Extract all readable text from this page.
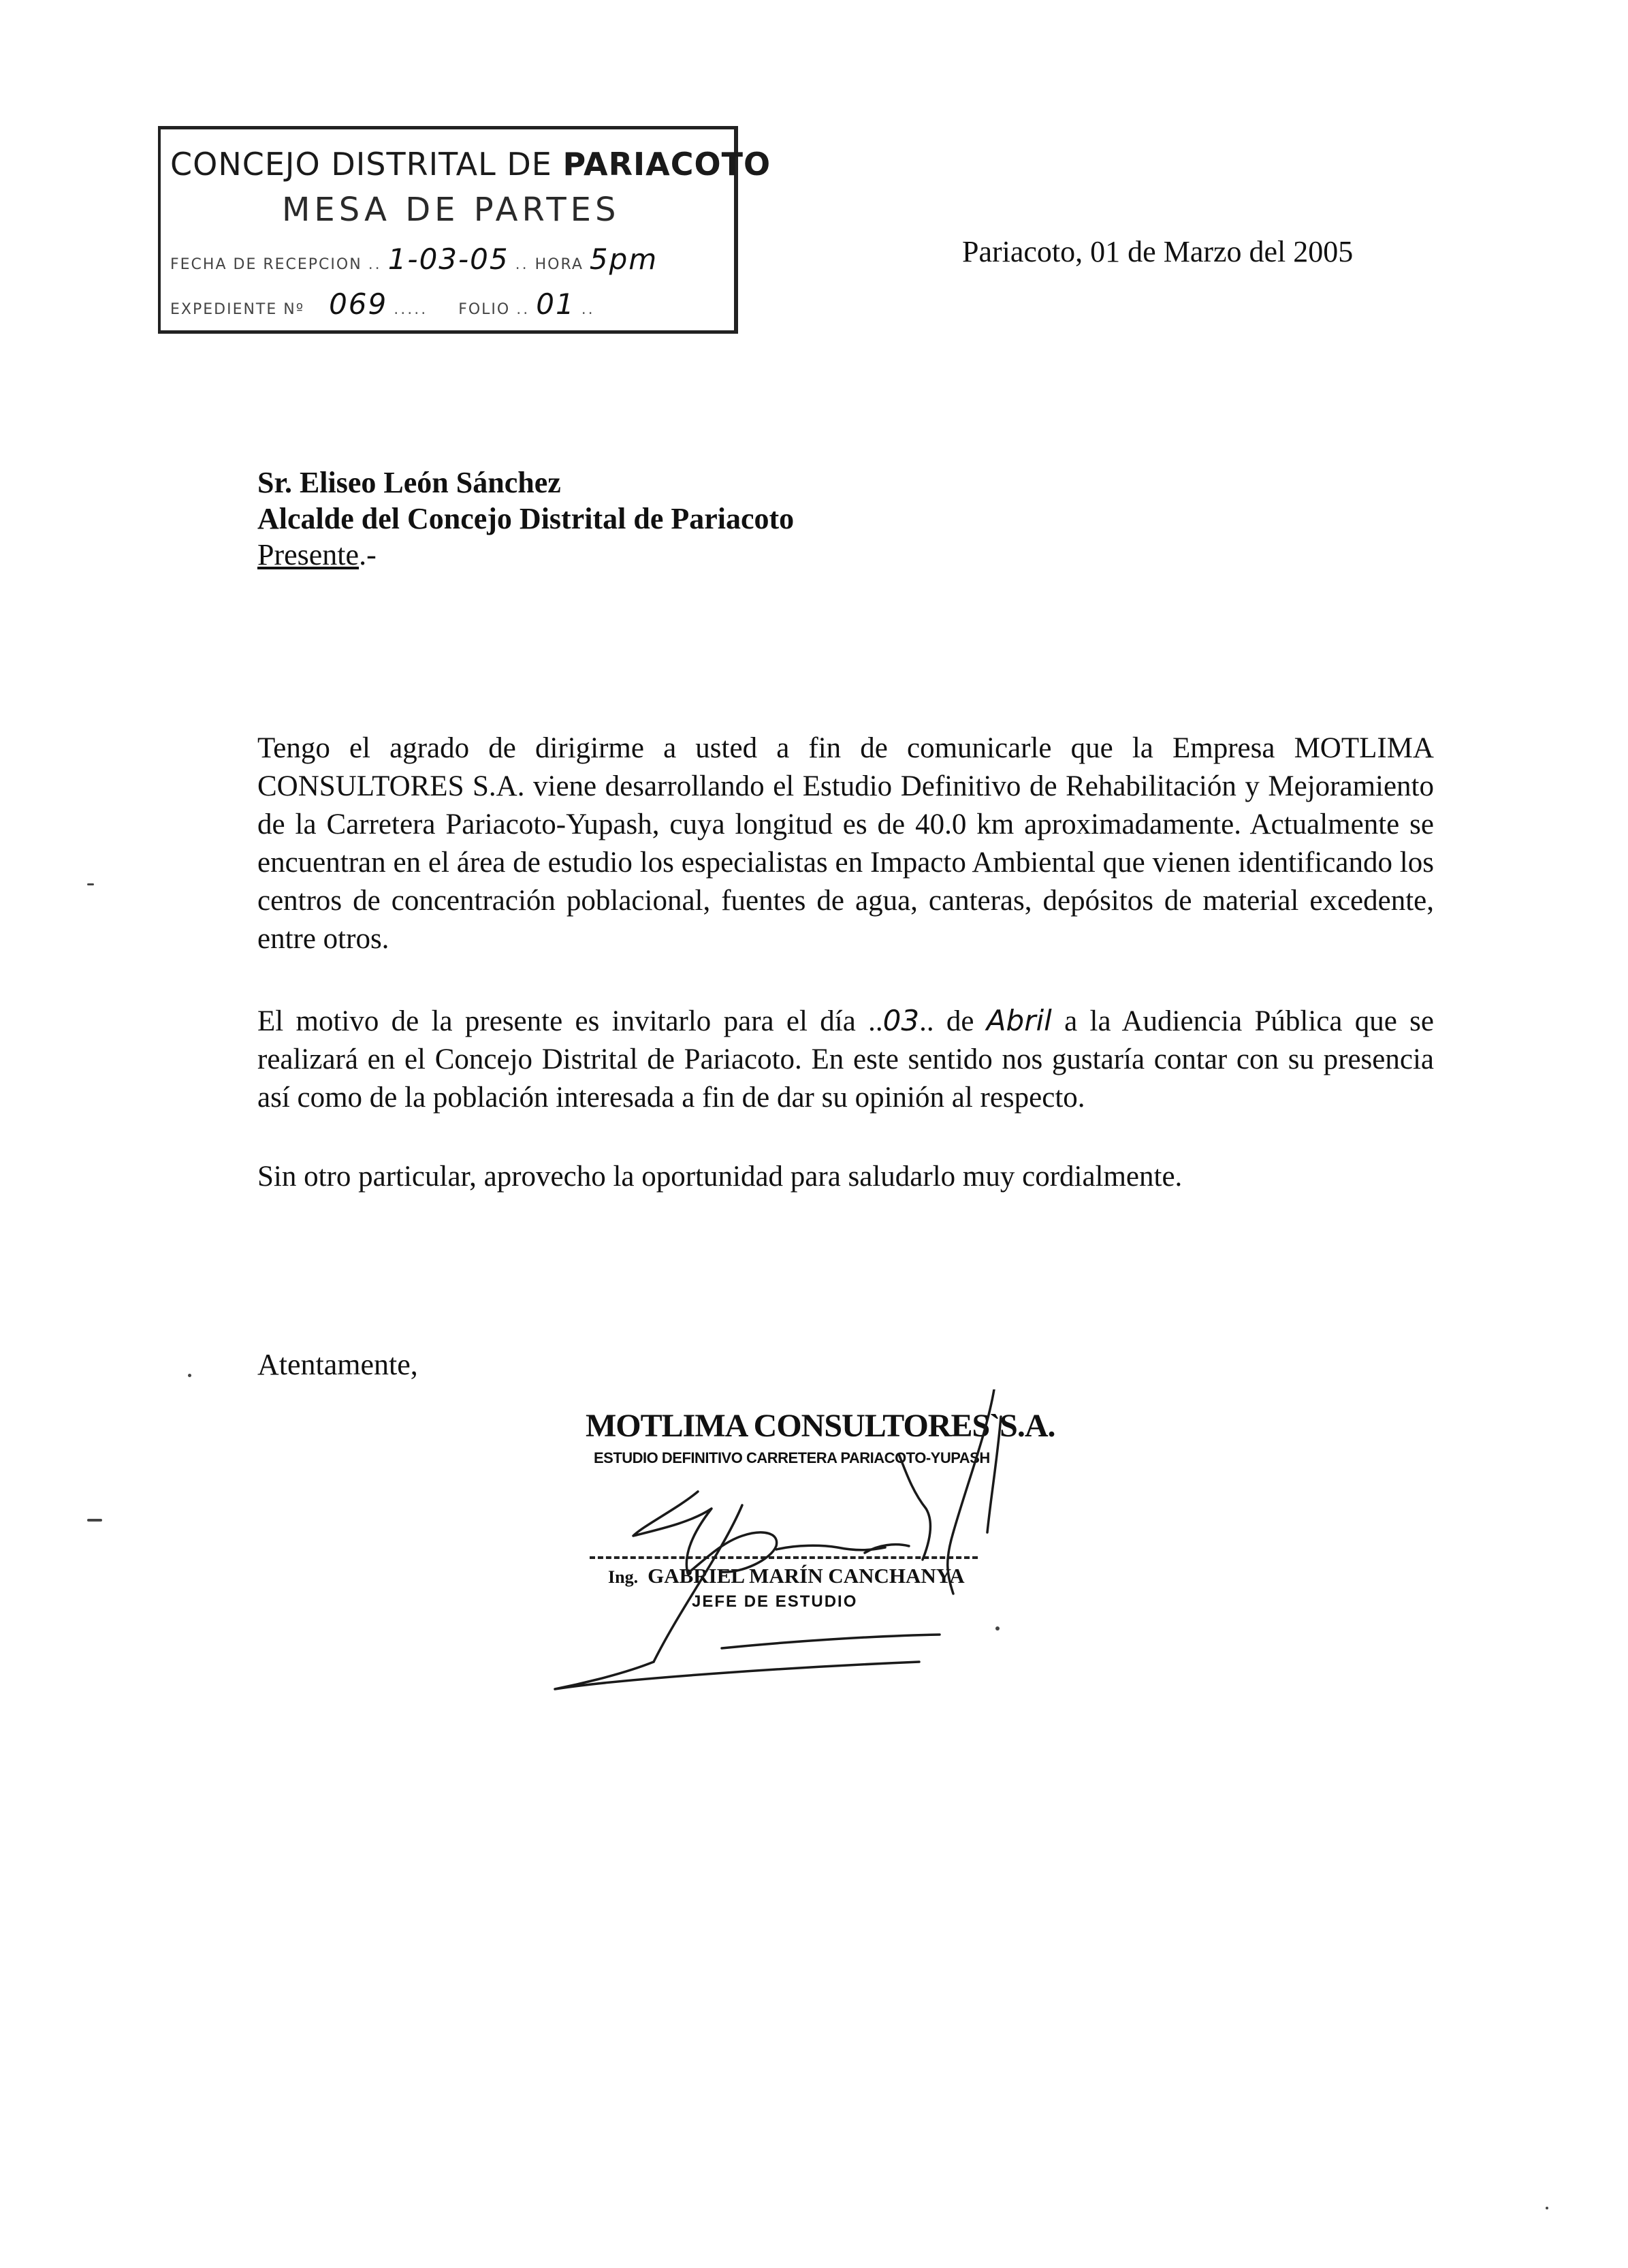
CONCEJO DISTRITAL DE PARIACOTO
MESA DE PARTES
FECHA DE RECEPCION .. 1-03-05 .. HORA 5pm
EXPEDIENTE Nº 069 ..... FOLIO .. 01 ..
Pariacoto, 01 de Marzo del 2005
Sr. Eliseo León Sánchez
Alcalde del Concejo Distrital de Pariacoto
Presente.-
Tengo el agrado de dirigirme a usted a fin de comunicarle que la Empresa MOTLIMA CONSULTORES S.A. viene desarrollando el Estudio Definitivo de Rehabilitación y Mejoramiento de la Carretera Pariacoto-Yupash, cuya longitud es de 40.0 km aproximadamente. Actualmente se encuentran en el área de estudio los especialistas en Impacto Ambiental que vienen identificando los centros de concentración poblacional, fuentes de agua, canteras, depósitos de material excedente, entre otros.
El motivo de la presente es invitarlo para el día ..03.. de Abril a la Audiencia Pública que se realizará en el Concejo Distrital de Pariacoto. En este sentido nos gustaría contar con su presencia así como de la población interesada a fin de dar su opinión al respecto.
Sin otro particular, aprovecho la oportunidad para saludarlo muy cordialmente.
Atentamente,
MOTLIMA CONSULTORES`S.A.
ESTUDIO DEFINITIVO CARRETERA PARIACOTO-YUPASH
Ing. GABRIEL MARÍN CANCHANYA
JEFE DE ESTUDIO
